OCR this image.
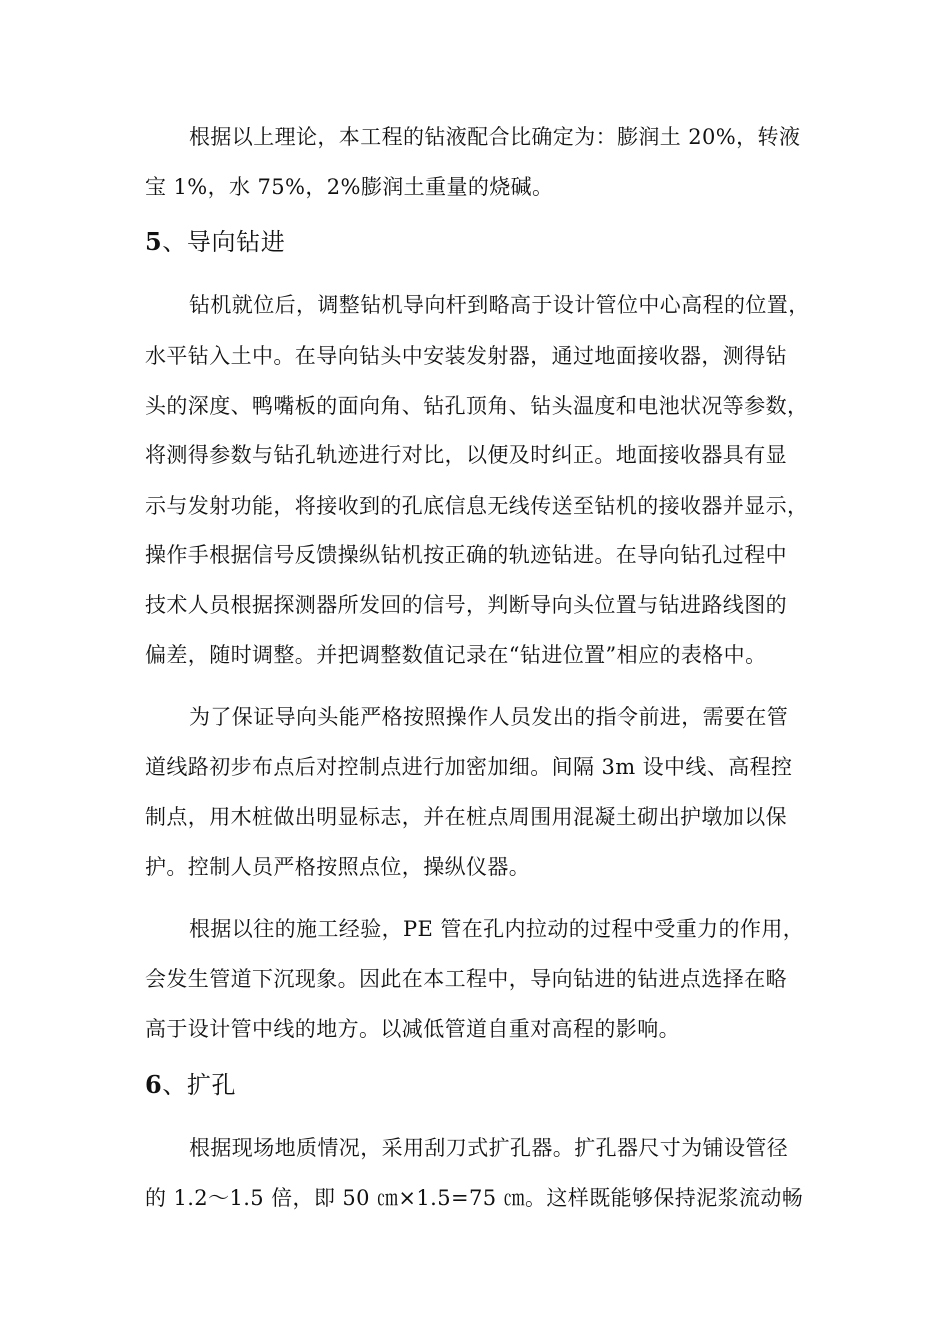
根据以上理论，本工程的钻液配合比确定为：膨润土 20%，转液
宝 1%，水 75%，2%膨润土重量的烧碱。
5、导向钻进
钻机就位后，调整钻机导向杆到略高于设计管位中心高程的位置，
水平钻入土中。在导向钻头中安装发射器，通过地面接收器，测得钻
头的深度、鸭嘴板的面向角、钻孔顶角、钻头温度和电池状况等参数，
将测得参数与钻孔轨迹进行对比，以便及时纠正。地面接收器具有显
示与发射功能，将接收到的孔底信息无线传送至钻机的接收器并显示，
操作手根据信号反馈操纵钻机按正确的轨迹钻进。在导向钻孔过程中
技术人员根据探测器所发回的信号，判断导向头位置与钻进路线图的
偏差，随时调整。并把调整数值记录在“钻进位置”相应的表格中。
为了保证导向头能严格按照操作人员发出的指令前进，需要在管
道线路初步布点后对控制点进行加密加细。间隔 3m 设中线、高程控
制点，用木桩做出明显标志，并在桩点周围用混凝土砌出护墩加以保
护。控制人员严格按照点位，操纵仪器。
根据以往的施工经验，PE 管在孔内拉动的过程中受重力的作用，
会发生管道下沉现象。因此在本工程中，导向钻进的钻进点选择在略
高于设计管中线的地方。以减低管道自重对高程的影响。
6、扩孔
根据现场地质情况，采用刮刀式扩孔器。扩孔器尺寸为铺设管径
的 1.2～1.5 倍，即 50 ㎝×1.5=75 ㎝。这样既能够保持泥浆流动畅
